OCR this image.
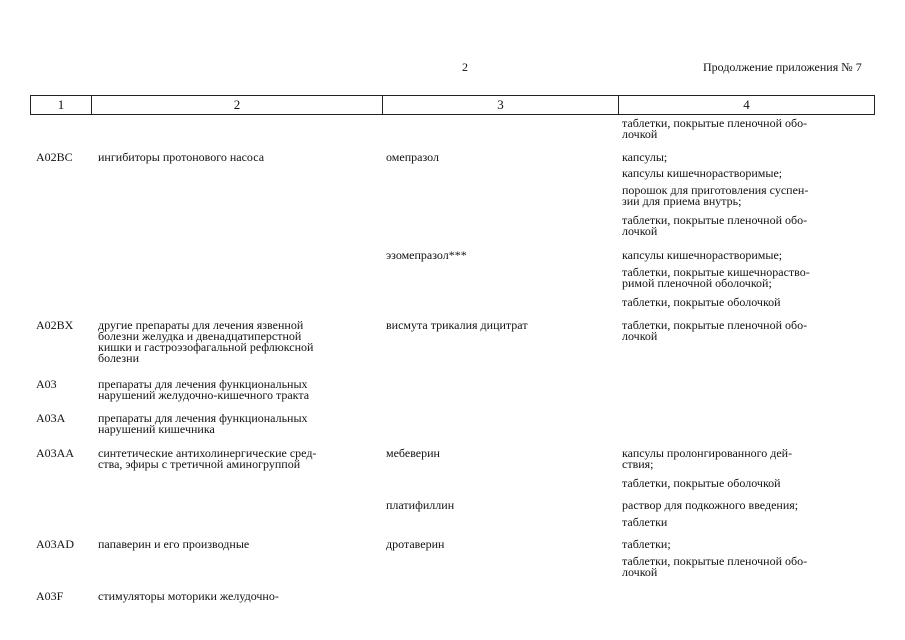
2	Продолжение приложения № 7
1	2	3	4
таблетки, покрытые пленочной обо-
лочкой
A02BC ингибиторы протонового насоса	омепразол	капсулы;
капсулы кишечнорастворимые;
порошок для приготовления суспен-
зии для приема внутрь;
таблетки, покрытые пленочной обо-
лочкой
эзомепразол***	капсулы кишечнорастворимые;
таблетки, покрытые кишечнораство-
римой пленочной оболочкой;
таблетки, покрытые оболочкой
A02BX другие препараты для лечения язвенной
болезни желудка и двенадцатиперстной
кишки и гастроэзофагальной рефлюксной
болезни
висмута трикалия дицитрат	таблетки, покрытые пленочной обо-
лочкой
A03	препараты для лечения функциональных
нарушений желудочно-кишечного тракта
A03A	препараты для лечения функциональных
нарушений кишечника
A03AA синтетические антихолинергические сред-
ства, эфиры с третичной аминогруппой
мебеверин	капсулы пролонгированного дей-
ствия;
таблетки, покрытые оболочкой
платифиллин	раствор для подкожного введения;
таблетки
A03AD папаверин и его производные	дротаверин	таблетки;
таблетки, покрытые пленочной обо-
лочкой
A03F	стимуляторы моторики желудочно-
